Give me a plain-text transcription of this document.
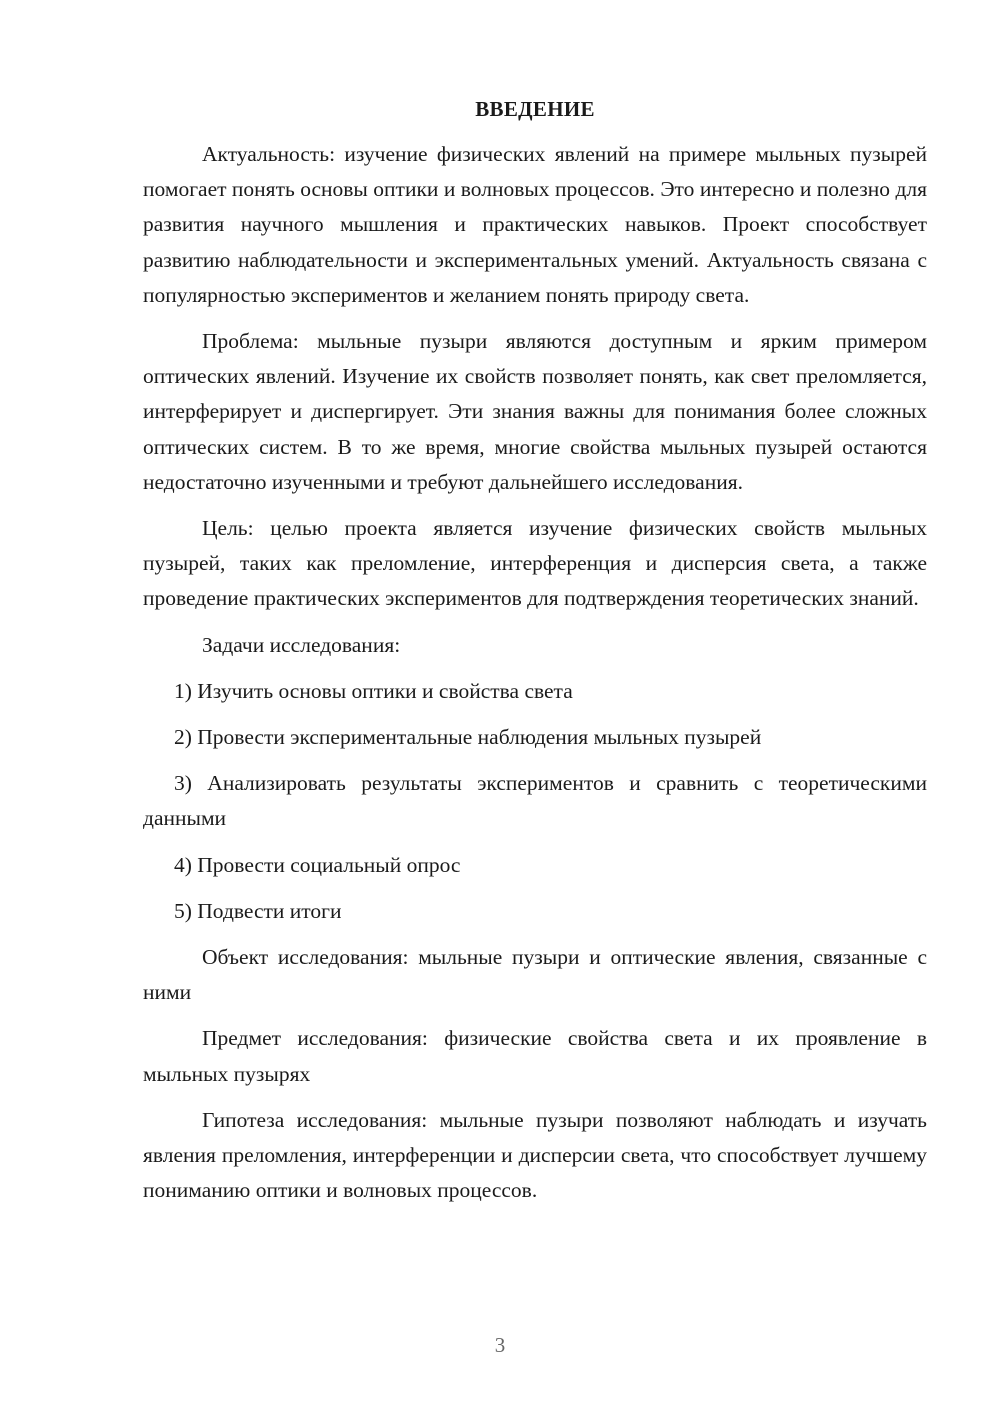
ВВЕДЕНИЕ

Актуальность: изучение физических явлений на примере мыльных пузырей помогает понять основы оптики и волновых процессов. Это интересно и полезно для развития научного мышления и практических навыков. Проект способствует развитию наблюдательности и экспериментальных умений. Актуальность связана с популярностью экспериментов и желанием понять природу света.

Проблема: мыльные пузыри являются доступным и ярким примером оптических явлений. Изучение их свойств позволяет понять, как свет преломляется, интерферирует и диспергирует. Эти знания важны для понимания более сложных оптических систем. В то же время, многие свойства мыльных пузырей остаются недостаточно изученными и требуют дальнейшего исследования.

Цель: целью проекта является изучение физических свойств мыльных пузырей, таких как преломление, интерференция и дисперсия света, а также проведение практических экспериментов для подтверждения теоретических знаний.

Задачи исследования:

1) Изучить основы оптики и свойства света

2) Провести экспериментальные наблюдения мыльных пузырей

3) Анализировать результаты экспериментов и сравнить с теоретическими данными

4) Провести социальный опрос

5) Подвести итоги

Объект исследования: мыльные пузыри и оптические явления, связанные с ними

Предмет исследования: физические свойства света и их проявление в мыльных пузырях

Гипотеза исследования: мыльные пузыри позволяют наблюдать и изучать явления преломления, интерференции и дисперсии света, что способствует лучшему пониманию оптики и волновых процессов.

3
